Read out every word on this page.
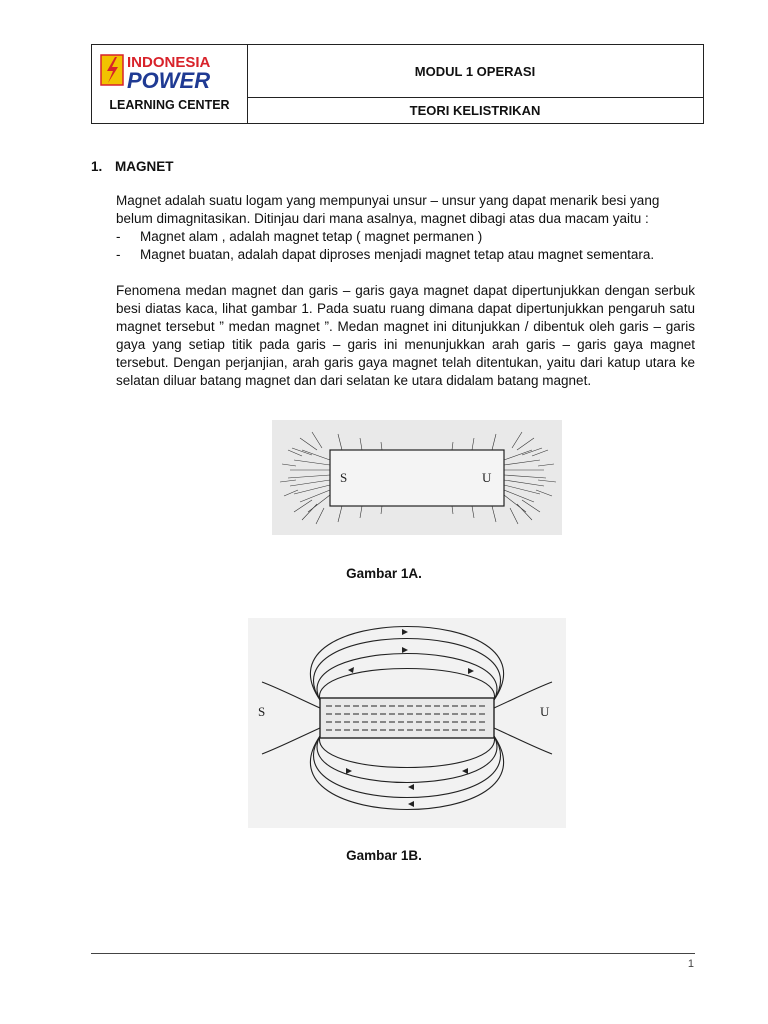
INDONESIA
POWER
LEARNING CENTER
MODUL 1 OPERASI
TEORI KELISTRIKAN
1. MAGNET
Magnet adalah suatu logam yang mempunyai unsur – unsur yang dapat menarik besi yang
belum dimagnitasikan. Ditinjau dari mana asalnya, magnet dibagi atas dua macam yaitu :
-	Magnet alam , adalah magnet tetap ( magnet permanen )
-	Magnet buatan, adalah dapat diproses menjadi magnet tetap atau magnet sementara.
Fenomena medan magnet dan garis – garis gaya magnet dapat dipertunjukkan dengan serbuk besi diatas kaca, lihat gambar 1. Pada suatu ruang dimana dapat dipertunjukkan pengaruh satu magnet tersebut ” medan magnet ”. Medan magnet ini ditunjukkan / dibentuk oleh garis – garis gaya yang setiap titik pada garis – garis ini menunjukkan arah garis – garis gaya magnet tersebut. Dengan perjanjian, arah garis gaya magnet telah ditentukan, yaitu dari katup utara ke selatan diluar batang magnet dan dari selatan ke utara didalam batang magnet.
S	U
Gambar 1A.
S	U
Gambar 1B.
1
